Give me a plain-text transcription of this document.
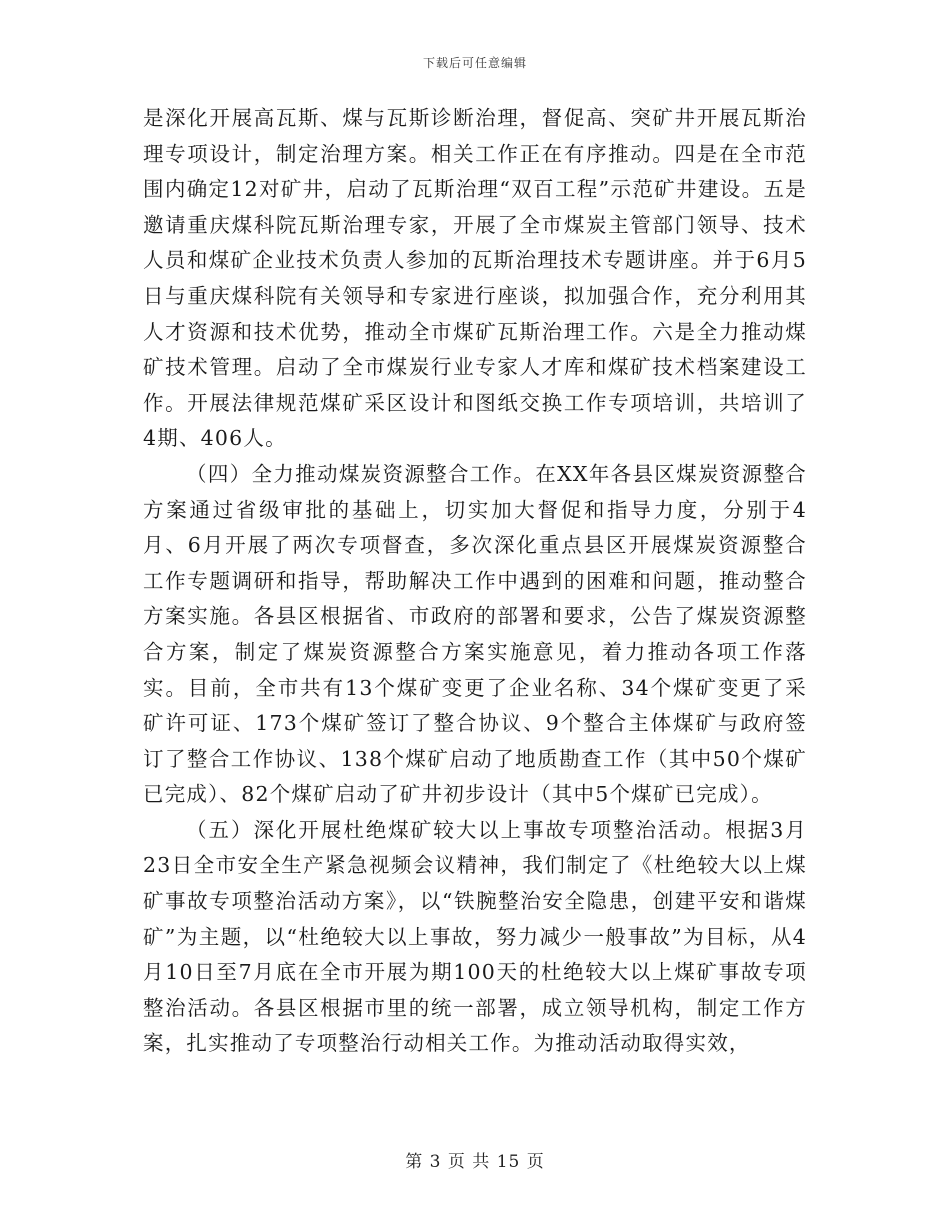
下载后可任意编辑

是深化开展高瓦斯、煤与瓦斯诊断治理，督促高、突矿井开展瓦斯治理专项设计，制定治理方案。相关工作正在有序推动。四是在全市范围内确定12对矿井，启动了瓦斯治理“双百工程”示范矿井建设。五是邀请重庆煤科院瓦斯治理专家，开展了全市煤炭主管部门领导、技术人员和煤矿企业技术负责人参加的瓦斯治理技术专题讲座。并于6月5日与重庆煤科院有关领导和专家进行座谈，拟加强合作，充分利用其人才资源和技术优势，推动全市煤矿瓦斯治理工作。六是全力推动煤矿技术管理。启动了全市煤炭行业专家人才库和煤矿技术档案建设工作。开展法律规范煤矿采区设计和图纸交换工作专项培训，共培训了4期、406人。

（四）全力推动煤炭资源整合工作。在XX年各县区煤炭资源整合方案通过省级审批的基础上，切实加大督促和指导力度，分别于4月、6月开展了两次专项督查，多次深化重点县区开展煤炭资源整合工作专题调研和指导，帮助解决工作中遇到的困难和问题，推动整合方案实施。各县区根据省、市政府的部署和要求，公告了煤炭资源整合方案，制定了煤炭资源整合方案实施意见，着力推动各项工作落实。目前，全市共有13个煤矿变更了企业名称、34个煤矿变更了采矿许可证、173个煤矿签订了整合协议、9个整合主体煤矿与政府签订了整合工作协议、138个煤矿启动了地质勘查工作（其中50个煤矿已完成）、82个煤矿启动了矿井初步设计（其中5个煤矿已完成）。

（五）深化开展杜绝煤矿较大以上事故专项整治活动。根据3月23日全市安全生产紧急视频会议精神，我们制定了《杜绝较大以上煤矿事故专项整治活动方案》，以“铁腕整治安全隐患，创建平安和谐煤矿”为主题，以“杜绝较大以上事故，努力减少一般事故”为目标，从4月10日至7月底在全市开展为期100天的杜绝较大以上煤矿事故专项整治活动。各县区根据市里的统一部署，成立领导机构，制定工作方案，扎实推动了专项整治行动相关工作。为推动活动取得实效，

第 3 页 共 15 页
